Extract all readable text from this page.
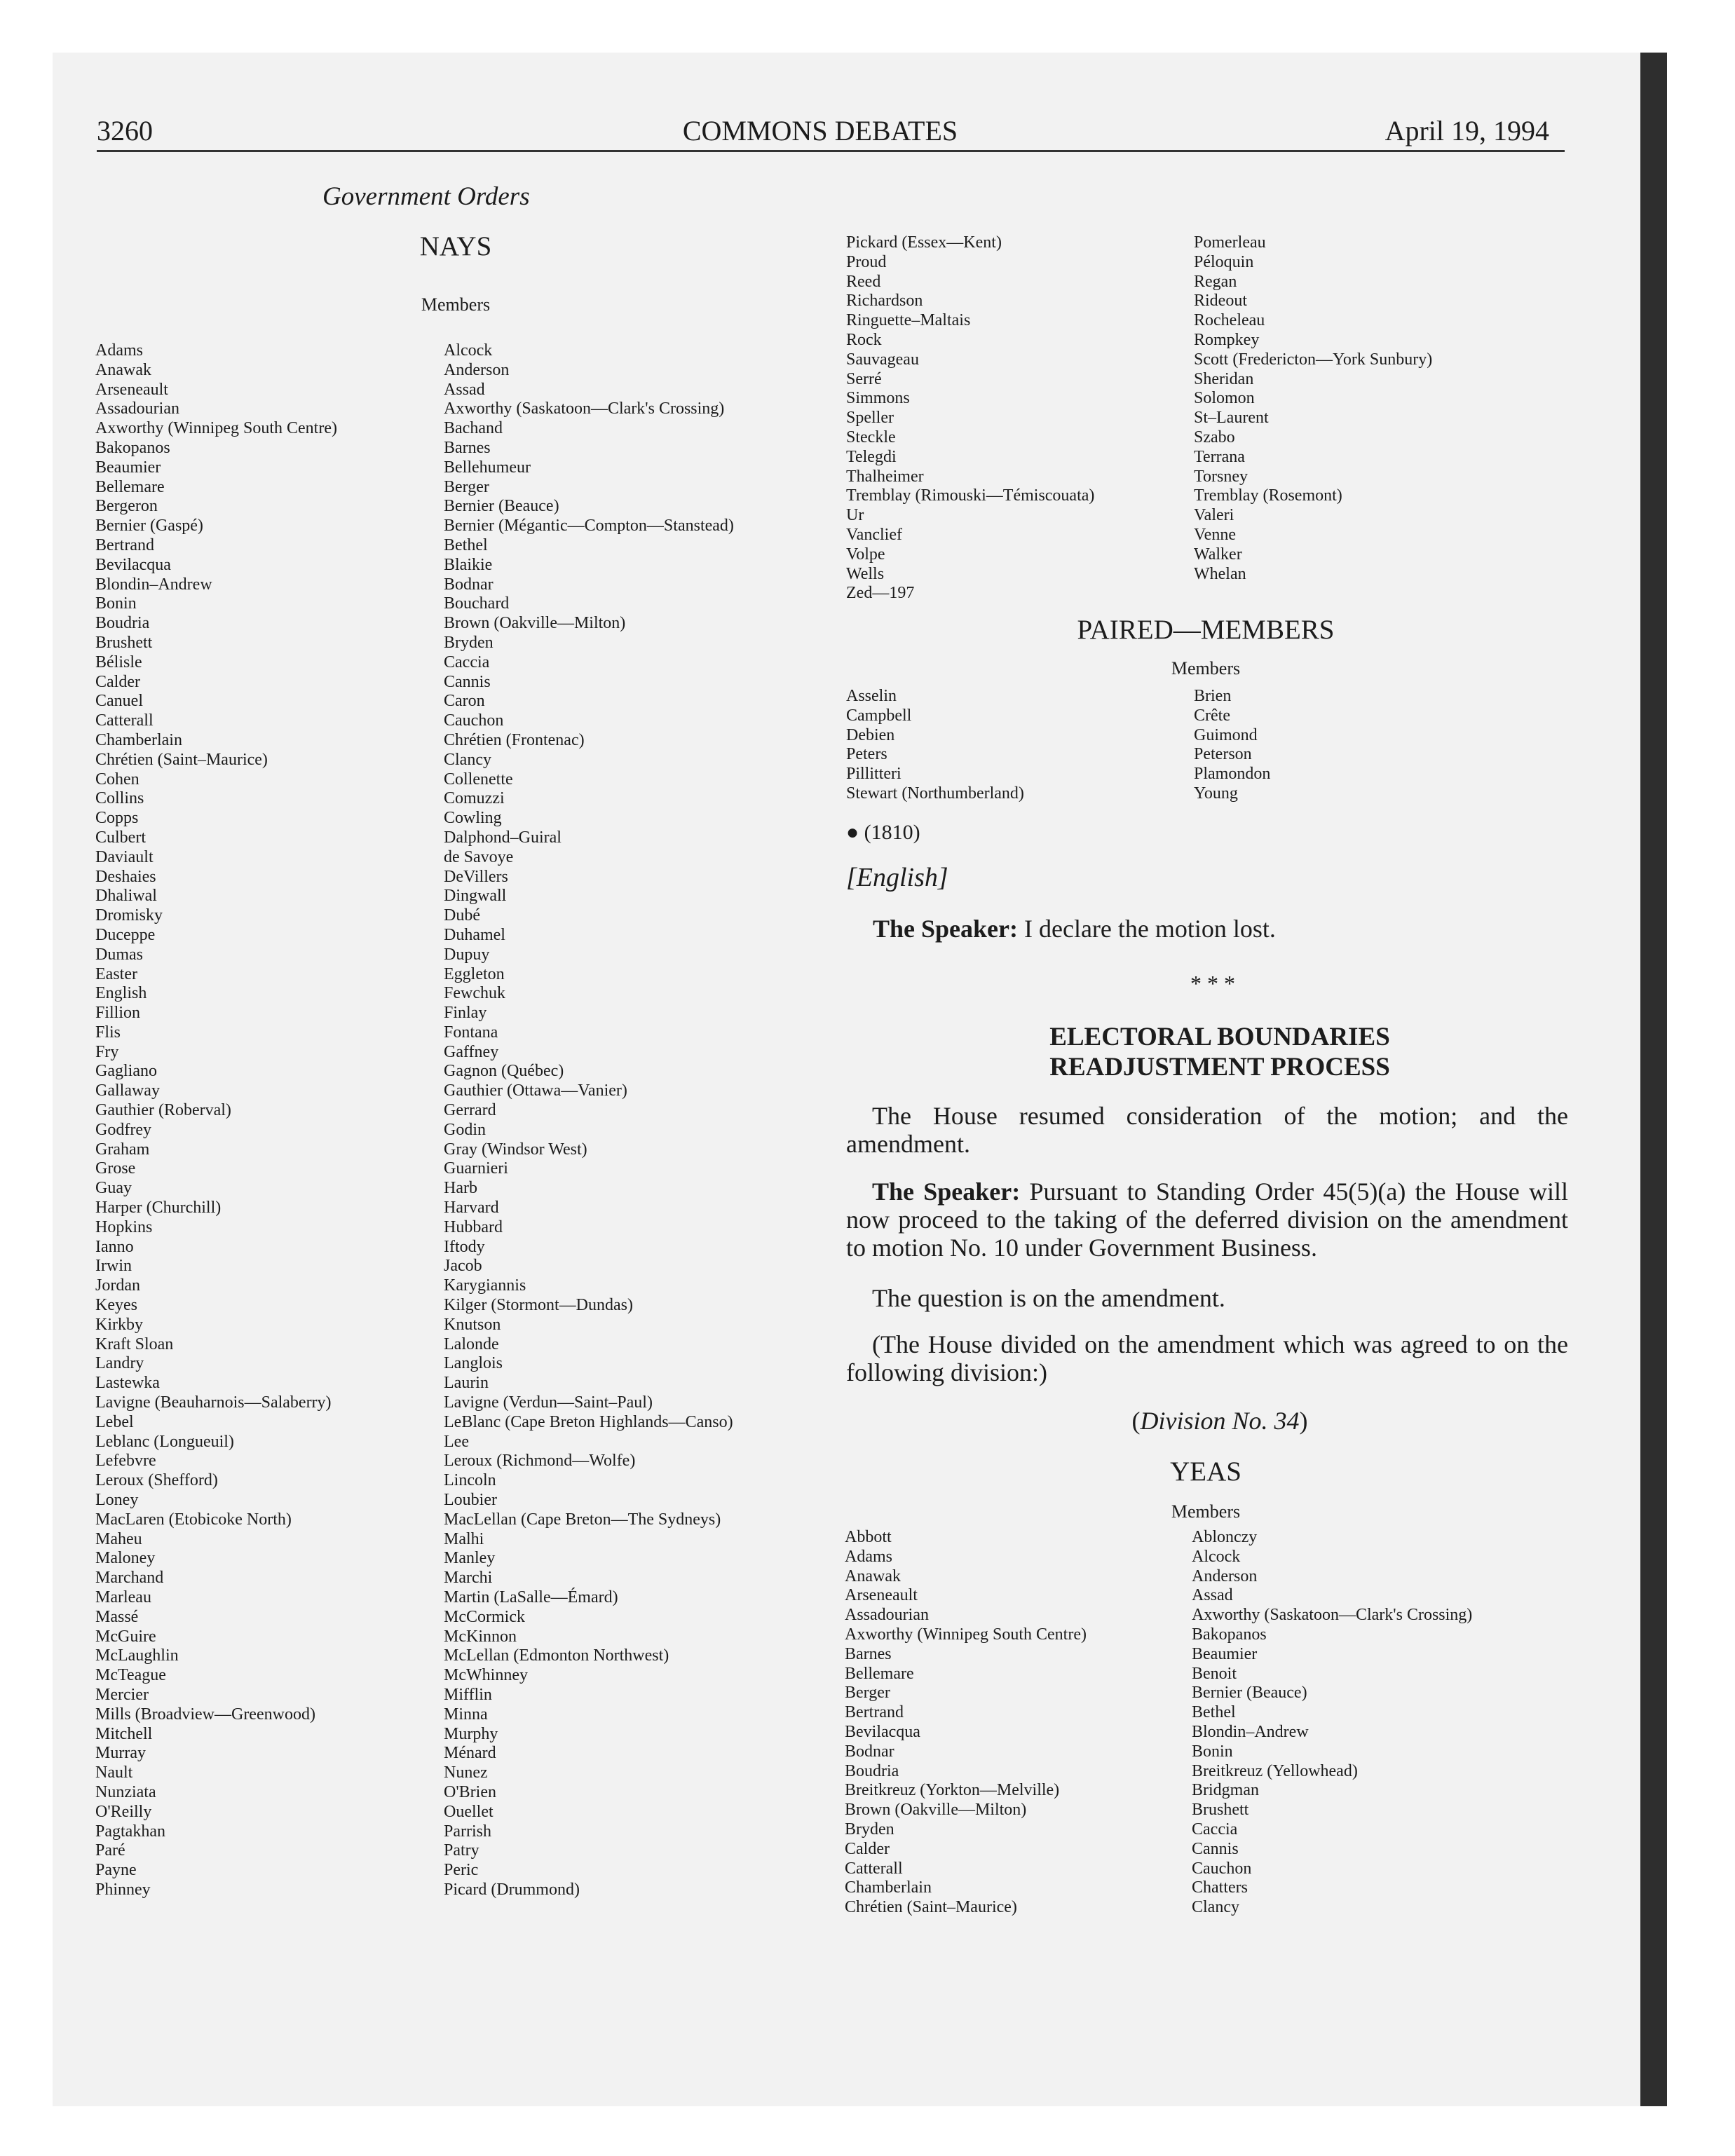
3260	COMMONS DEBATES	April 19, 1994
Government Orders
NAYS
Members
Adams
Anawak
Arseneault
Assadourian
Axworthy (Winnipeg South Centre)
Bakopanos
Beaumier
Bellemare
Bergeron
Bernier (Gaspé)
Bertrand
Bevilacqua
Blondin–Andrew
Bonin
Boudria
Brushett
Bélisle
Calder
Canuel
Catterall
Chamberlain
Chrétien (Saint–Maurice)
Cohen
Collins
Copps
Culbert
Daviault
Deshaies
Dhaliwal
Dromisky
Duceppe
Dumas
Easter
English
Fillion
Flis
Fry
Gagliano
Gallaway
Gauthier (Roberval)
Godfrey
Graham
Grose
Guay
Harper (Churchill)
Hopkins
Ianno
Irwin
Jordan
Keyes
Kirkby
Kraft Sloan
Landry
Lastewka
Lavigne (Beauharnois—Salaberry)
Lebel
Leblanc (Longueuil)
Lefebvre
Leroux (Shefford)
Loney
MacLaren (Etobicoke North)
Maheu
Maloney
Marchand
Marleau
Massé
McGuire
McLaughlin
McTeague
Mercier
Mills (Broadview—Greenwood)
Mitchell
Murray
Nault
Nunziata
O'Reilly
Pagtakhan
Paré
Payne
Phinney
Alcock
Anderson
Assad
Axworthy (Saskatoon—Clark's Crossing)
Bachand
Barnes
Bellehumeur
Berger
Bernier (Beauce)
Bernier (Mégantic—Compton—Stanstead)
Bethel
Blaikie
Bodnar
Bouchard
Brown (Oakville—Milton)
Bryden
Caccia
Cannis
Caron
Cauchon
Chrétien (Frontenac)
Clancy
Collenette
Comuzzi
Cowling
Dalphond–Guiral
de Savoye
DeVillers
Dingwall
Dubé
Duhamel
Dupuy
Eggleton
Fewchuk
Finlay
Fontana
Gaffney
Gagnon (Québec)
Gauthier (Ottawa—Vanier)
Gerrard
Godin
Gray (Windsor West)
Guarnieri
Harb
Harvard
Hubbard
Iftody
Jacob
Karygiannis
Kilger (Stormont—Dundas)
Knutson
Lalonde
Langlois
Laurin
Lavigne (Verdun—Saint–Paul)
LeBlanc (Cape Breton Highlands—Canso)
Lee
Leroux (Richmond—Wolfe)
Lincoln
Loubier
MacLellan (Cape Breton—The Sydneys)
Malhi
Manley
Marchi
Martin (LaSalle—Émard)
McCormick
McKinnon
McLellan (Edmonton Northwest)
McWhinney
Mifflin
Minna
Murphy
Ménard
Nunez
O'Brien
Ouellet
Parrish
Patry
Peric
Picard (Drummond)
Pickard (Essex—Kent)
Proud
Reed
Richardson
Ringuette–Maltais
Rock
Sauvageau
Serré
Simmons
Speller
Steckle
Telegdi
Thalheimer
Tremblay (Rimouski—Témiscouata)
Ur
Vanclief
Volpe
Wells
Zed—197
Pomerleau
Péloquin
Regan
Rideout
Rocheleau
Rompkey
Scott (Fredericton—York Sunbury)
Sheridan
Solomon
St–Laurent
Szabo
Terrana
Torsney
Tremblay (Rosemont)
Valeri
Venne
Walker
Whelan
PAIRED—MEMBERS
Members
Asselin
Campbell
Debien
Peters
Pillitteri
Stewart (Northumberland)
Brien
Crête
Guimond
Peterson
Plamondon
Young
● (1810)
[English]
The Speaker: I declare the motion lost.
* * *
ELECTORAL BOUNDARIES
READJUSTMENT PROCESS

The House resumed consideration of the motion; and the amendment.

The Speaker: Pursuant to Standing Order 45(5)(a) the House will now proceed to the taking of the deferred division on the amendment to motion No. 10 under Government Business.

The question is on the amendment.

(The House divided on the amendment which was agreed to on the following division:)

(Division No. 34)
YEAS
Members
Abbott
Adams
Anawak
Arseneault
Assadourian
Axworthy (Winnipeg South Centre)
Barnes
Bellemare
Berger
Bertrand
Bevilacqua
Bodnar
Boudria
Breitkreuz (Yorkton—Melville)
Brown (Oakville—Milton)
Bryden
Calder
Catterall
Chamberlain
Chrétien (Saint–Maurice)
Ablonczy
Alcock
Anderson
Assad
Axworthy (Saskatoon—Clark's Crossing)
Bakopanos
Beaumier
Benoit
Bernier (Beauce)
Bethel
Blondin–Andrew
Bonin
Breitkreuz (Yellowhead)
Bridgman
Brushett
Caccia
Cannis
Cauchon
Chatters
Clancy
